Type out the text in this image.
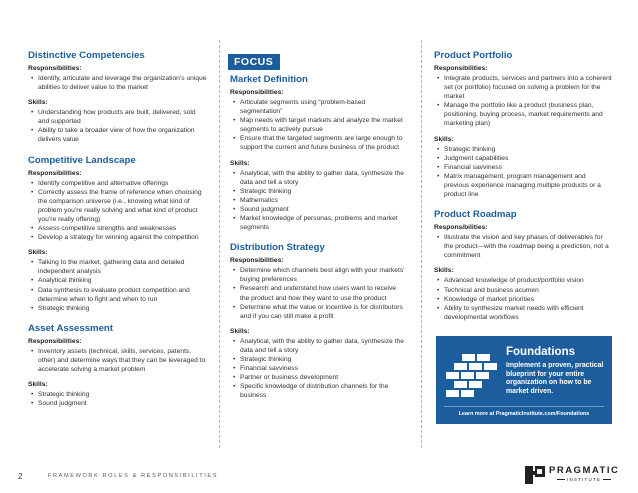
Distinctive Competencies
Responsibilities:
• Identify, articulate and leverage the organization’s unique abilities to deliver value to the market
Skills:
• Understanding how products are built, delivered, sold and supported
• Ability to take a broader view of how the organization delivers value
Competitive Landscape
Responsibilities:
• Identify competitive and alternative offerings
• Correctly assess the frame of reference when choosing the comparison universe (i.e., knowing what kind of problem you’re really solving and what kind of product you’re really offering)
• Assess competitive strengths and weaknesses
• Develop a strategy for winning against the competition
Skills:
• Talking to the market, gathering data and detailed independent analysis
• Analytical thinking
• Data synthesis to evaluate product competition and determine when to fight and when to run
• Strategic thinking
Asset Assessment
Responsibilities:
• Inventory assets (technical, skills, services, patents, other) and determine ways that they can be leveraged to accelerate solving a market problem
Skills:
• Strategic thinking
• Sound judgment
FOCUS
Market Definition
Responsibilities:
• Articulate segments using “problem-based segmentation”
• Map needs with target markets and analyze the market segments to actively pursue
• Ensure that the targeted segments are large enough to support the current and future business of the product
Skills:
• Analytical, with the ability to gather data, synthesize the data and tell a story
• Strategic thinking
• Mathematics
• Sound judgment
• Market knowledge of personas, problems and market segments
Distribution Strategy
Responsibilities:
• Determine which channels best align with your markets’ buying preferences
• Research and understand how users want to receive the product and how they want to use the product
• Determine what the value or incentive is for distributors and if you can still make a profit
Skills:
• Analytical, with the ability to gather data, synthesize the data and tell a story
• Strategic thinking
• Financial savviness
• Partner or business development
• Specific knowledge of distribution channels for the business
Product Portfolio
Responsibilities:
• Integrate products, services and partners into a coherent set (or portfolio) focused on solving a problem for the market
• Manage the portfolio like a product (business plan, positioning, buying process, market requirements and marketing plan)
Skills:
• Strategic thinking
• Judgment capabilities
• Financial savviness
• Matrix management, program management and previous experience managing multiple products or a product line
Product Roadmap
Responsibilities:
• Illustrate the vision and key phases of deliverables for the product—with the roadmap being a prediction, not a commitment
Skills:
• Advanced knowledge of product/portfolio vision
• Technical and business acumen
• Knowledge of market priorities
• Ability to synthesize market needs with efficient developmental workflows
Foundations
Implement a proven, practical blueprint for your entire organization on how to be market driven.
Learn more at PragmaticInstitute.com/Foundations
2	FRAMEWORK ROLES & RESPONSIBILITIES	PRAGMATIC
INSTITUTE
